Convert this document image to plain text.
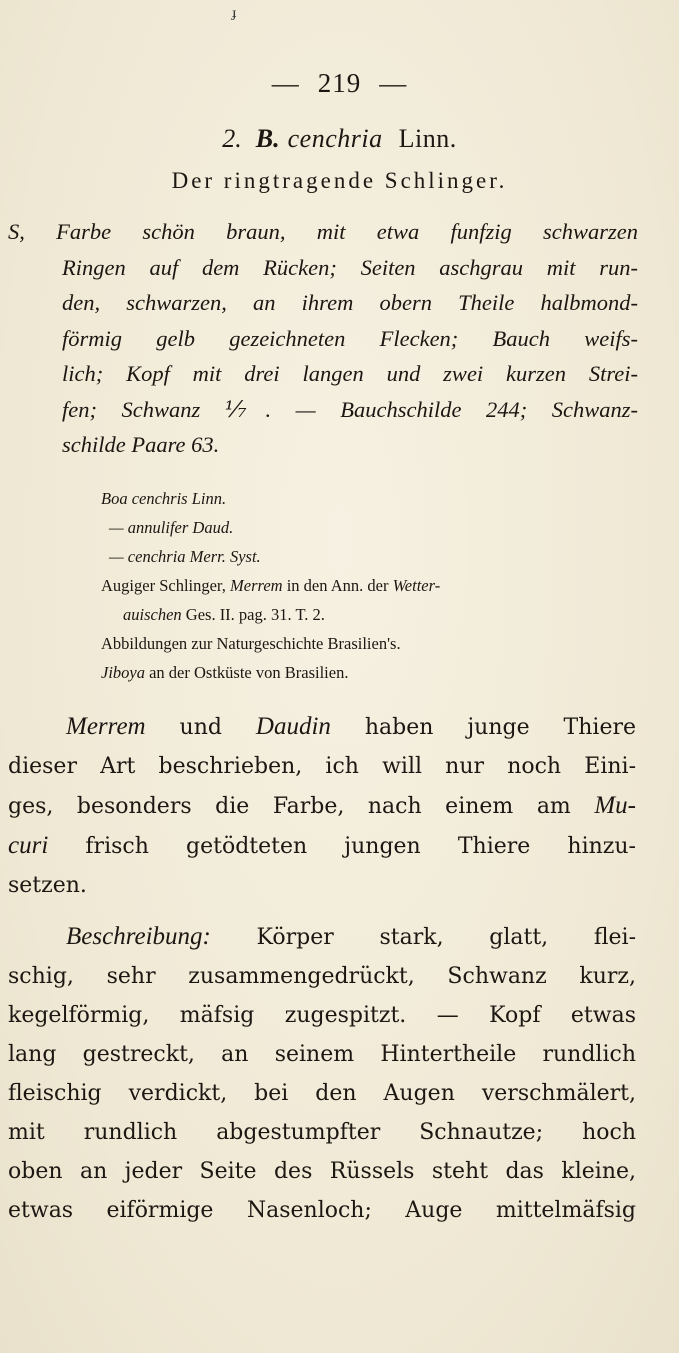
ɟ
— 219 —
2. B. cenchria Linn.
Der ringtragende Schlinger.
S, Farbe schön braun, mit etwa funfzig schwarzen
Ringen auf dem Rücken; Seiten aschgrau mit run-
den, schwarzen, an ihrem obern Theile halbmond-
förmig gelb gezeichneten Flecken; Bauch weifs-
lich; Kopf mit drei langen und zwei kurzen Strei-
fen; Schwanz ⅐. — Bauchschilde 244; Schwanz-
schilde Paare 63.
Boa cenchris Linn.
— annulifer Daud.
— cenchria Merr. Syst.
Augiger Schlinger, Merrem in den Ann. der Wetter-
auischen Ges. II. pag. 31. T. 2.
Abbildungen zur Naturgeschichte Brasilien's.
Jiboya an der Ostküste von Brasilien.
Merrem und Daudin haben junge Thiere
dieser Art beschrieben, ich will nur noch Eini-
ges, besonders die Farbe, nach einem am Mu-
curi frisch getödteten jungen Thiere hinzu-
setzen.
Beschreibung: Körper stark, glatt, flei-
schig, sehr zusammengedrückt, Schwanz kurz,
kegelförmig, mäfsig zugespitzt. — Kopf etwas
lang gestreckt, an seinem Hintertheile rundlich
fleischig verdickt, bei den Augen verschmälert,
mit rundlich abgestumpfter Schnautze; hoch
oben an jeder Seite des Rüssels steht das kleine,
etwas eiförmige Nasenloch; Auge mittelmäfsig
